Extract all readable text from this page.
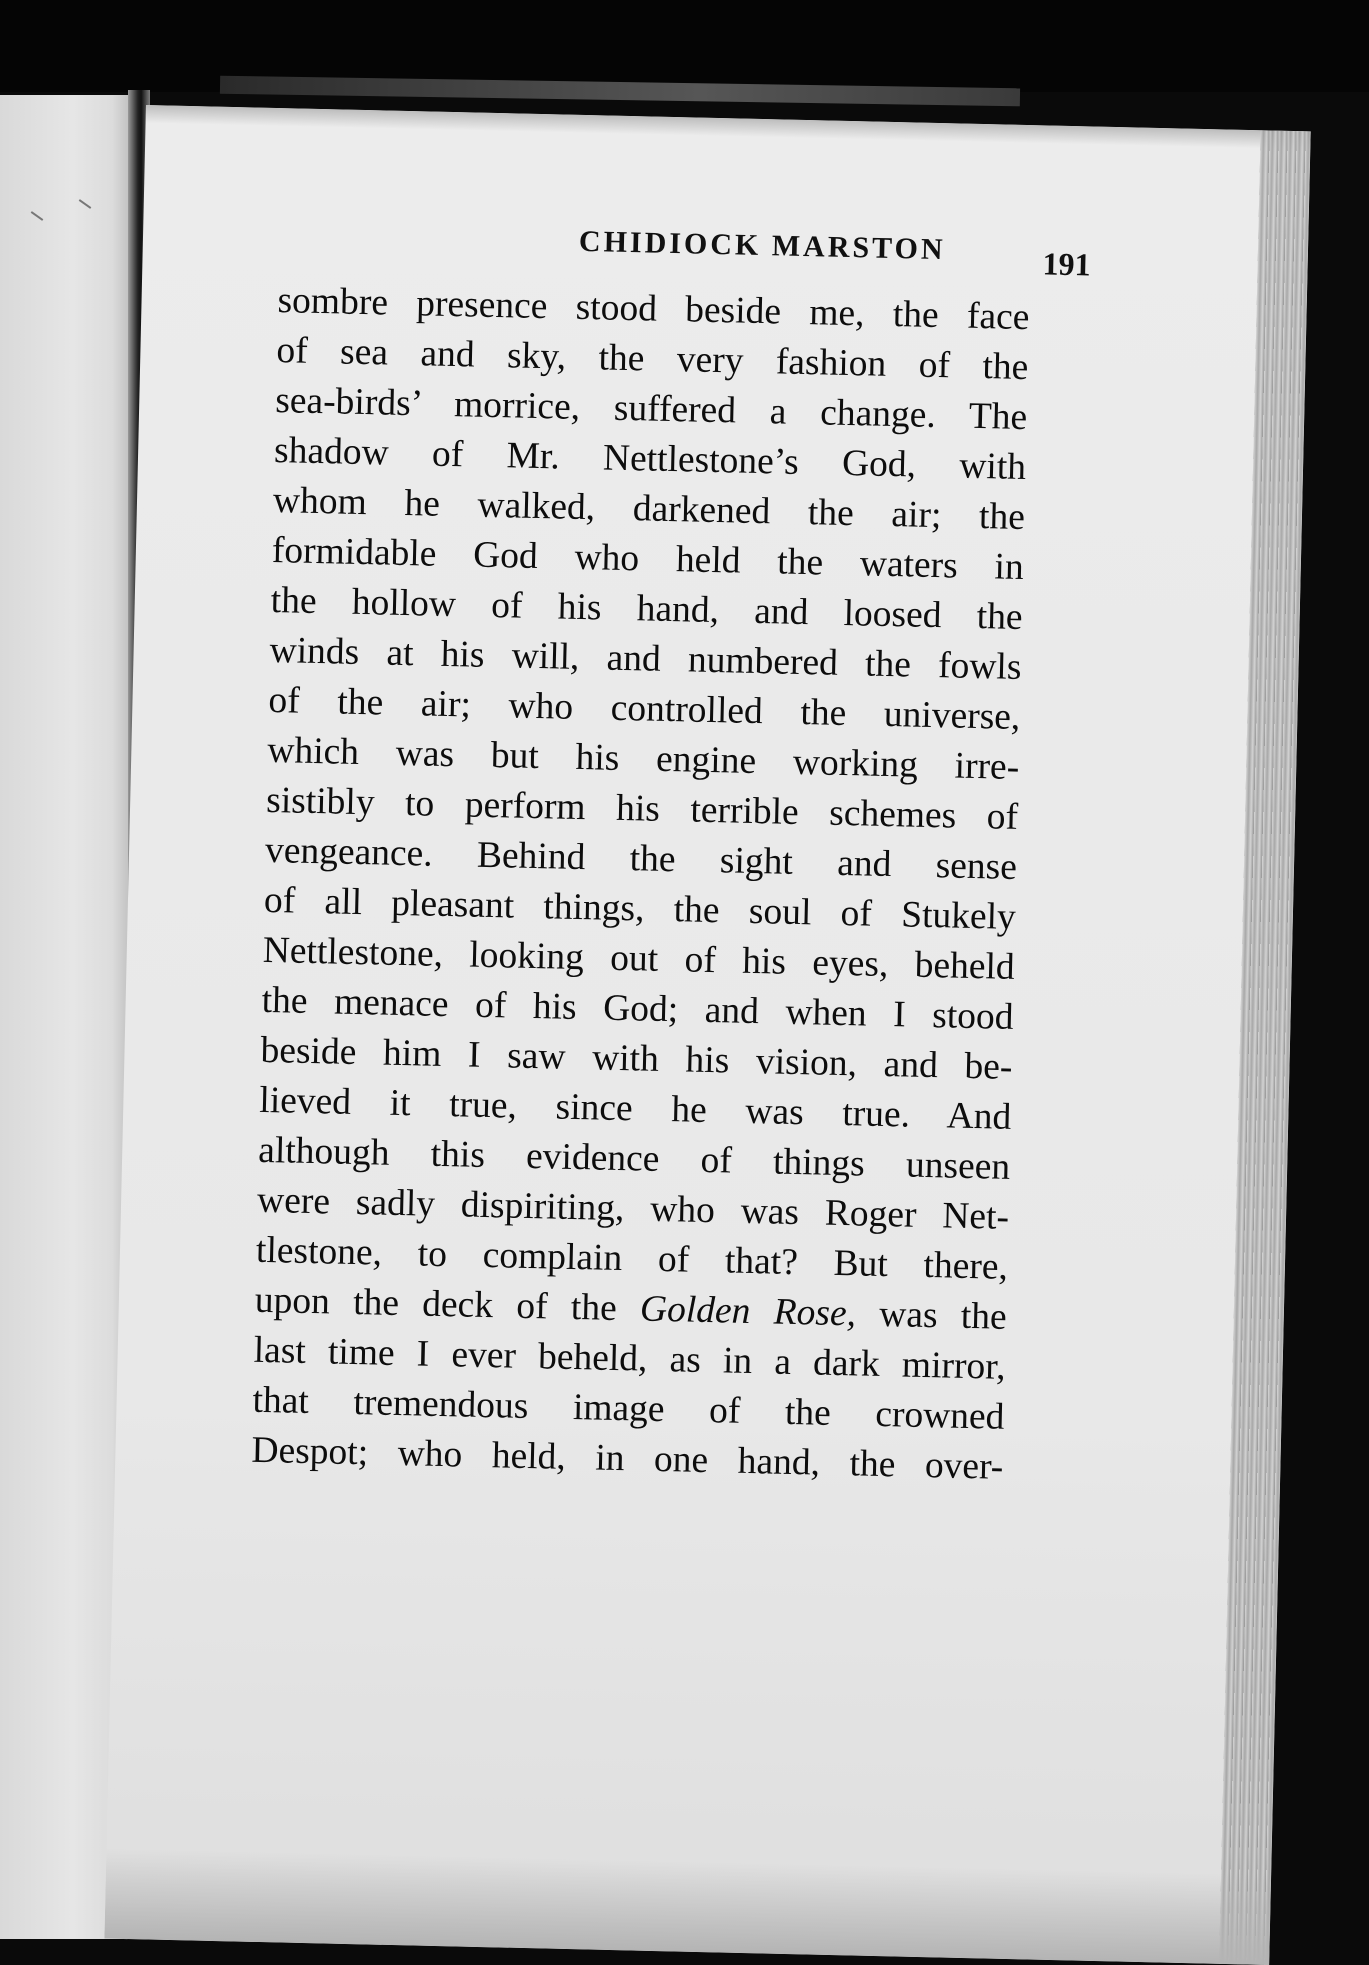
CHIDIOCK MARSTON	191
sombre presence stood beside me, the face
of sea and sky, the very fashion of the
sea-birds’ morrice, suffered a change. The
shadow of Mr. Nettlestone’s God, with
whom he walked, darkened the air; the
formidable God who held the waters in
the hollow of his hand, and loosed the
winds at his will, and numbered the fowls
of the air; who controlled the universe,
which was but his engine working irre-
sistibly to perform his terrible schemes of
vengeance. Behind the sight and sense
of all pleasant things, the soul of Stukely
Nettlestone, looking out of his eyes, beheld
the menace of his God; and when I stood
beside him I saw with his vision, and be-
lieved it true, since he was true. And
although this evidence of things unseen
were sadly dispiriting, who was Roger Net-
tlestone, to complain of that? But there,
upon the deck of the Golden Rose, was the
last time I ever beheld, as in a dark mirror,
that tremendous image of the crowned
Despot; who held, in one hand, the over-
